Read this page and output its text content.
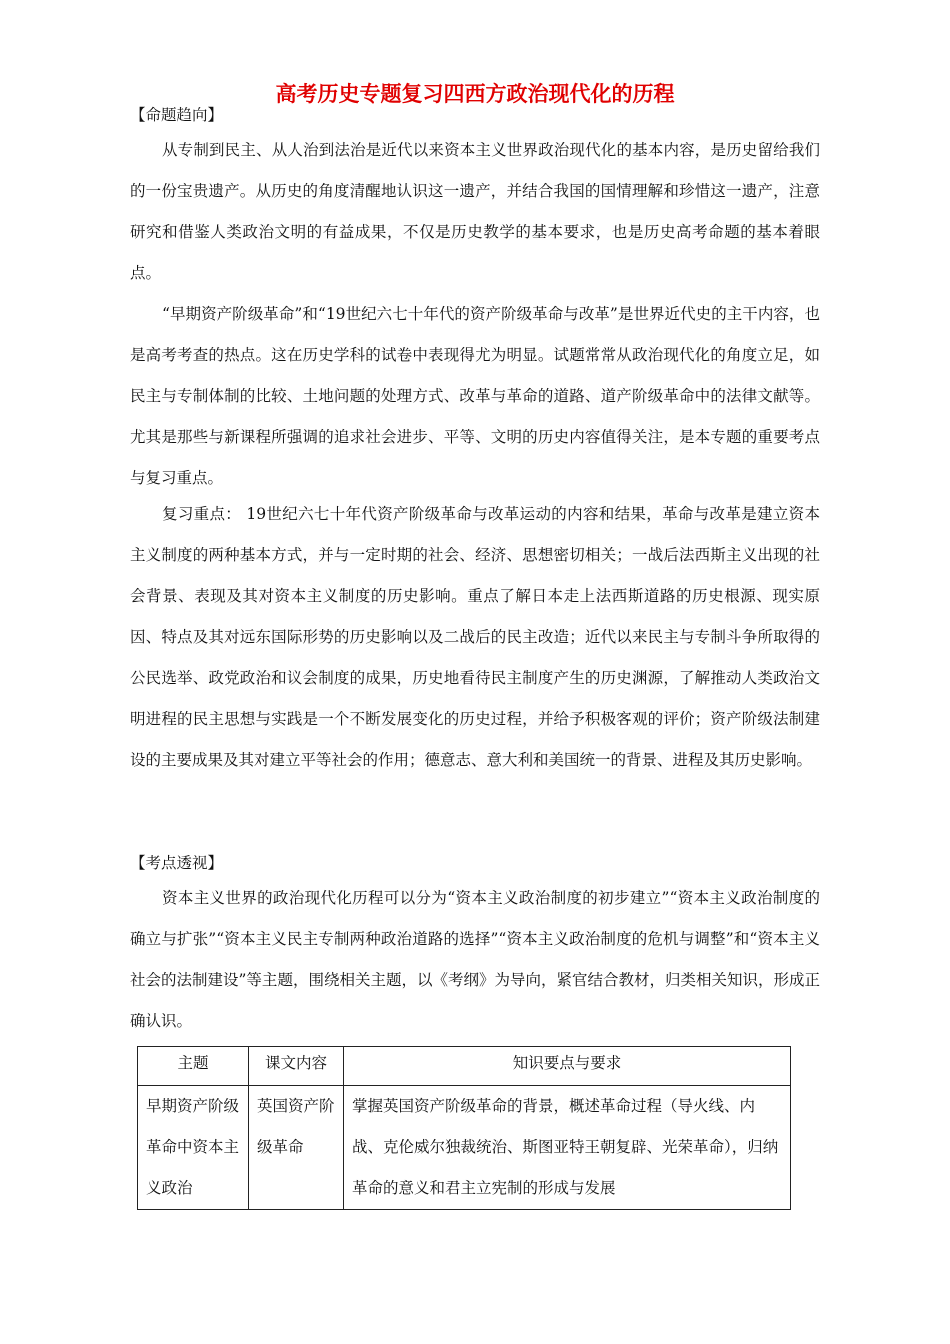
高考历史专题复习四西方政治现代化的历程

【命题趋向】

从专制到民主、从人治到法治是近代以来资本主义世界政治现代化的基本内容，是历史留给我们的一份宝贵遗产。从历史的角度清醒地认识这一遗产，并结合我国的国情理解和珍惜这一遗产，注意研究和借鉴人类政治文明的有益成果，不仅是历史教学的基本要求，也是历史高考命题的基本着眼点。

“早期资产阶级革命”和“19世纪六七十年代的资产阶级革命与改革”是世界近代史的主干内容，也是高考考查的热点。这在历史学科的试卷中表现得尤为明显。试题常常从政治现代化的角度立足，如民主与专制体制的比较、土地问题的处理方式、改革与革命的道路、道产阶级革命中的法律文献等。尤其是那些与新课程所强调的追求社会进步、平等、文明的历史内容值得关注，是本专题的重要考点与复习重点。

复习重点： 19世纪六七十年代资产阶级革命与改革运动的内容和结果，革命与改革是建立资本主义制度的两种基本方式，并与一定时期的社会、经济、思想密切相关；一战后法西斯主义出现的社会背景、表现及其对资本主义制度的历史影响。重点了解日本走上法西斯道路的历史根源、现实原因、特点及其对远东国际形势的历史影响以及二战后的民主改造；近代以来民主与专制斗争所取得的公民选举、政党政治和议会制度的成果，历史地看待民主制度产生的历史渊源，了解推动人类政治文明进程的民主思想与实践是一个不断发展变化的历史过程，并给予积极客观的评价；资产阶级法制建设的主要成果及其对建立平等社会的作用；德意志、意大利和美国统一的背景、进程及其历史影响。

【考点透视】

资本主义世界的政治现代化历程可以分为“资本主义政治制度的初步建立”“资本主义政治制度的确立与扩张”“资本主义民主专制两种政治道路的选择”“资本主义政治制度的危机与调整”和“资本主义社会的法制建设”等主题，围绕相关主题，以《考纲》为导向，紧官结合教材，归类相关知识，形成正确认识。

主题	课文内容	知识要点与要求
早期资产阶级革命中资本主义政治	英国资产阶级革命	掌握英国资产阶级革命的背景，概述革命过程（导火线、内战、克伦威尔独裁统治、斯图亚特王朝复辟、光荣革命），归纳革命的意义和君主立宪制的形成与发展
